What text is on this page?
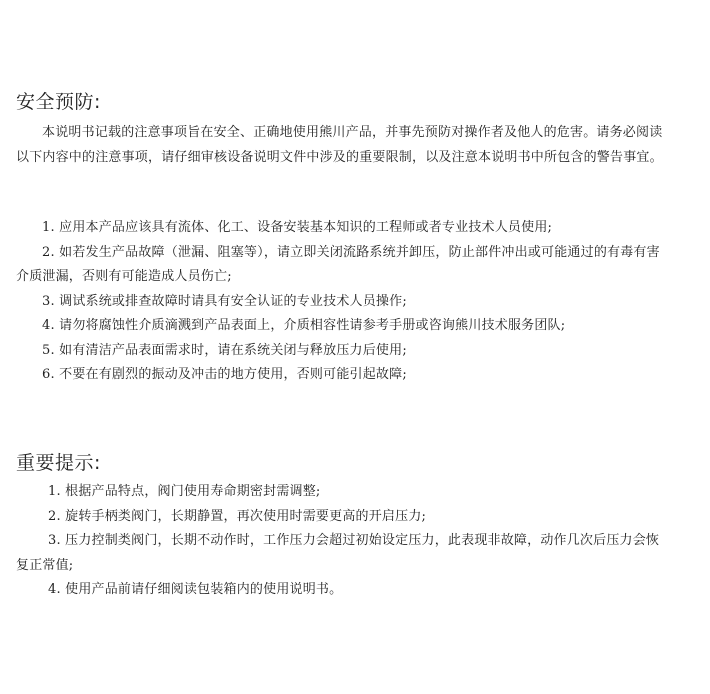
安全预防:

本说明书记载的注意事项旨在安全、正确地使用熊川产品，并事先预防对操作者及他人的危害。请务必阅读以下内容中的注意事项，请仔细审核设备说明文件中涉及的重要限制，以及注意本说明书中所包含的警告事宜。

1. 应用本产品应该具有流体、化工、设备安装基本知识的工程师或者专业技术人员使用;
2. 如若发生产品故障（泄漏、阻塞等），请立即关闭流路系统并卸压，防止部件冲出或可能通过的有毒有害介质泄漏，否则有可能造成人员伤亡;
3. 调试系统或排查故障时请具有安全认证的专业技术人员操作;
4. 请勿将腐蚀性介质滴溅到产品表面上，介质相容性请参考手册或咨询熊川技术服务团队;
5. 如有清洁产品表面需求时，请在系统关闭与释放压力后使用;
6. 不要在有剧烈的振动及冲击的地方使用，否则可能引起故障;
重要提示:
1. 根据产品特点，阀门使用寿命期密封需调整;
2. 旋转手柄类阀门，长期静置，再次使用时需要更高的开启压力;
3. 压力控制类阀门，长期不动作时，工作压力会超过初始设定压力，此表现非故障，动作几次后压力会恢复正常值;
4. 使用产品前请仔细阅读包装箱内的使用说明书。
